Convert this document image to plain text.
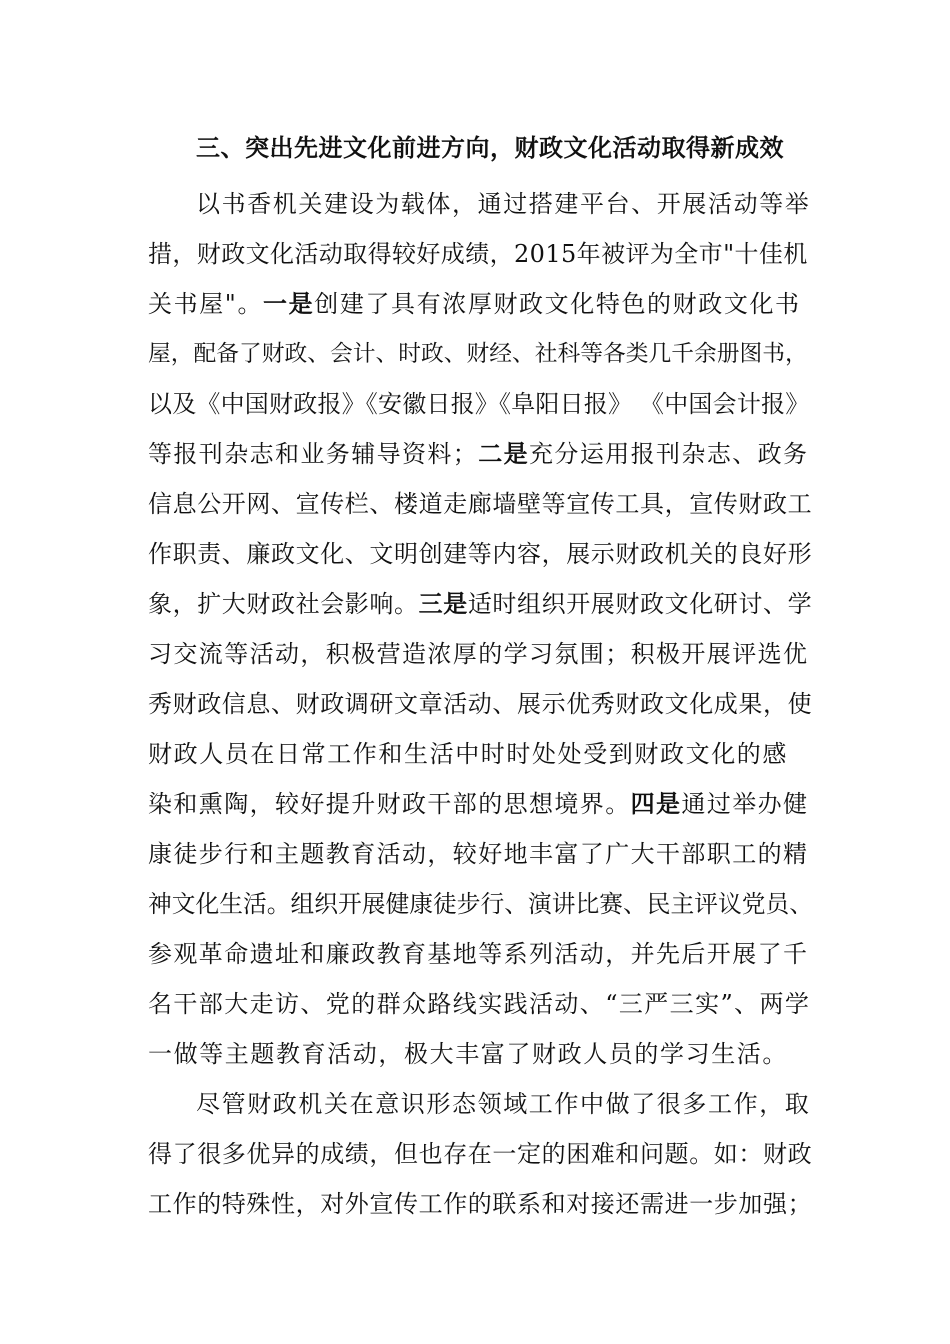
三、突出先进文化前进方向，财政文化活动取得新成效
以书香机关建设为载体，通过搭建平台、开展活动等举
措，财政文化活动取得较好成绩，2015年被评为全市"十佳机
关书屋"。一是创建了具有浓厚财政文化特色的财政文化书
屋，配备了财政、会计、时政、财经、社科等各类几千余册图书，
以及《中国财政报》《安徽日报》《阜阳日报》 《中国会计报》
等报刊杂志和业务辅导资料；二是充分运用报刊杂志、政务
信息公开网、宣传栏、楼道走廊墙壁等宣传工具，宣传财政工
作职责、廉政文化、文明创建等内容，展示财政机关的良好形
象，扩大财政社会影响。三是适时组织开展财政文化研讨、学
习交流等活动，积极营造浓厚的学习氛围；积极开展评选优
秀财政信息、财政调研文章活动、展示优秀财政文化成果，使
财政人员在日常工作和生活中时时处处受到财政文化的感
染和熏陶，较好提升财政干部的思想境界。四是通过举办健
康徒步行和主题教育活动，较好地丰富了广大干部职工的精
神文化生活。组织开展健康徒步行、演讲比赛、民主评议党员、
参观革命遗址和廉政教育基地等系列活动，并先后开展了千
名干部大走访、党的群众路线实践活动、“三严三实”、两学
一做等主题教育活动，极大丰富了财政人员的学习生活。
尽管财政机关在意识形态领域工作中做了很多工作，取
得了很多优异的成绩，但也存在一定的困难和问题。如：财政
工作的特殊性，对外宣传工作的联系和对接还需进一步加强；
